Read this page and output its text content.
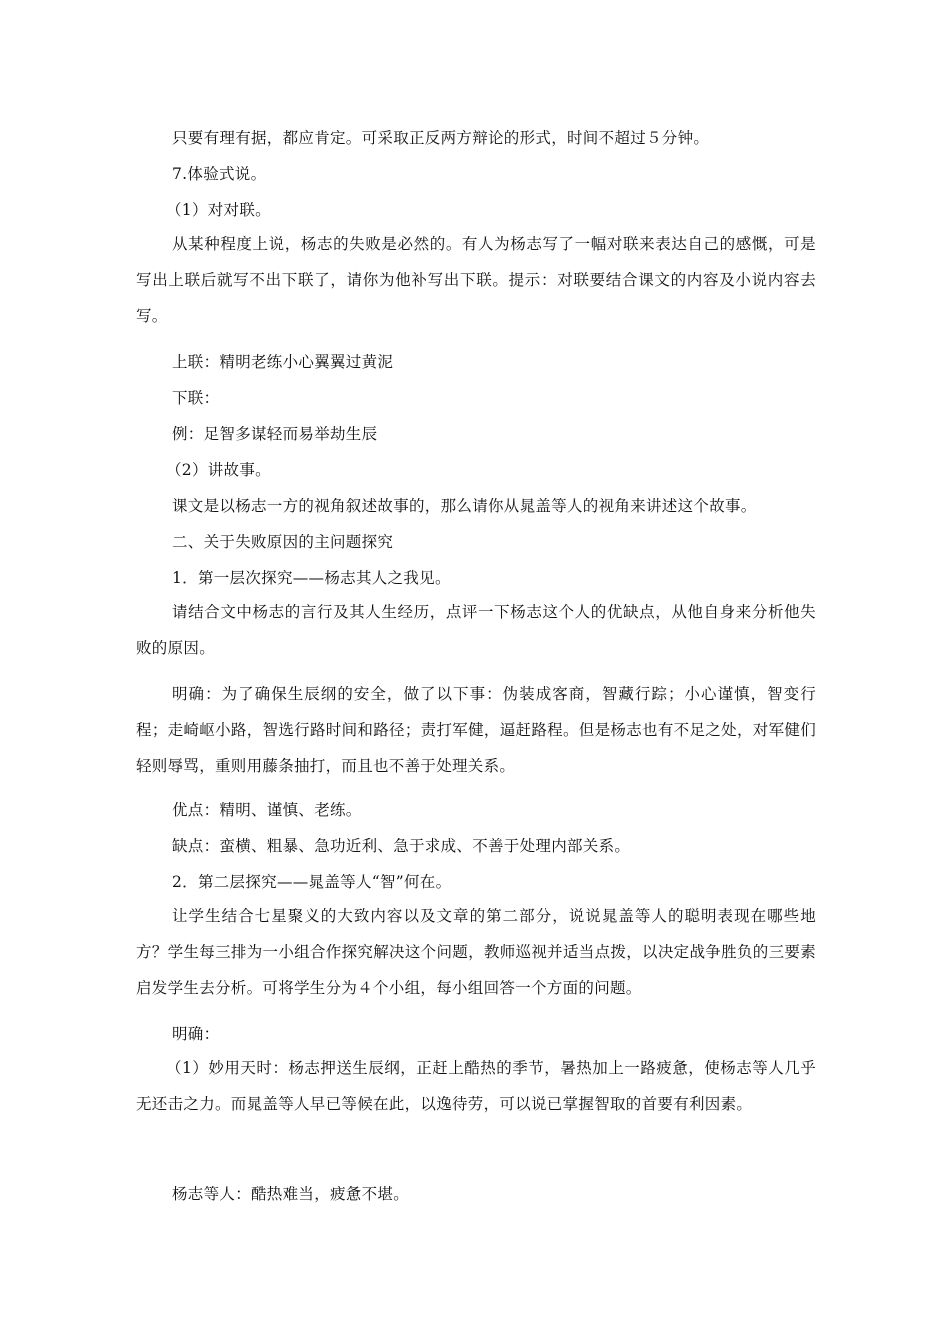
只要有理有据，都应肯定。可采取正反两方辩论的形式，时间不超过５分钟。
7.体验式说。
（1）对对联。
从某种程度上说，杨志的失败是必然的。有人为杨志写了一幅对联来表达自己的感慨，可是写出上联后就写不出下联了，请你为他补写出下联。提示：对联要结合课文的内容及小说内容去写。
上联：精明老练小心翼翼过黄泥
下联：
例：足智多谋轻而易举劫生辰
（2）讲故事。
课文是以杨志一方的视角叙述故事的，那么请你从晁盖等人的视角来讲述这个故事。
二、关于失败原因的主问题探究
1．第一层次探究——杨志其人之我见。
请结合文中杨志的言行及其人生经历，点评一下杨志这个人的优缺点，从他自身来分析他失败的原因。
明确：为了确保生辰纲的安全，做了以下事：伪装成客商，智藏行踪；小心谨慎，智变行程；走崎岖小路，智选行路时间和路径；责打军健，逼赶路程。但是杨志也有不足之处，对军健们轻则辱骂，重则用藤条抽打，而且也不善于处理关系。
优点：精明、谨慎、老练。
缺点：蛮横、粗暴、急功近利、急于求成、不善于处理内部关系。
2．第二层探究——晁盖等人“智”何在。
让学生结合七星聚义的大致内容以及文章的第二部分，说说晁盖等人的聪明表现在哪些地方？学生每三排为一小组合作探究解决这个问题，教师巡视并适当点拨，以决定战争胜负的三要素启发学生去分析。可将学生分为４个小组，每小组回答一个方面的问题。
明确：
（1）妙用天时：杨志押送生辰纲，正赶上酷热的季节，暑热加上一路疲惫，使杨志等人几乎无还击之力。而晁盖等人早已等候在此，以逸待劳，可以说已掌握智取的首要有利因素。
杨志等人：酷热难当，疲惫不堪。
